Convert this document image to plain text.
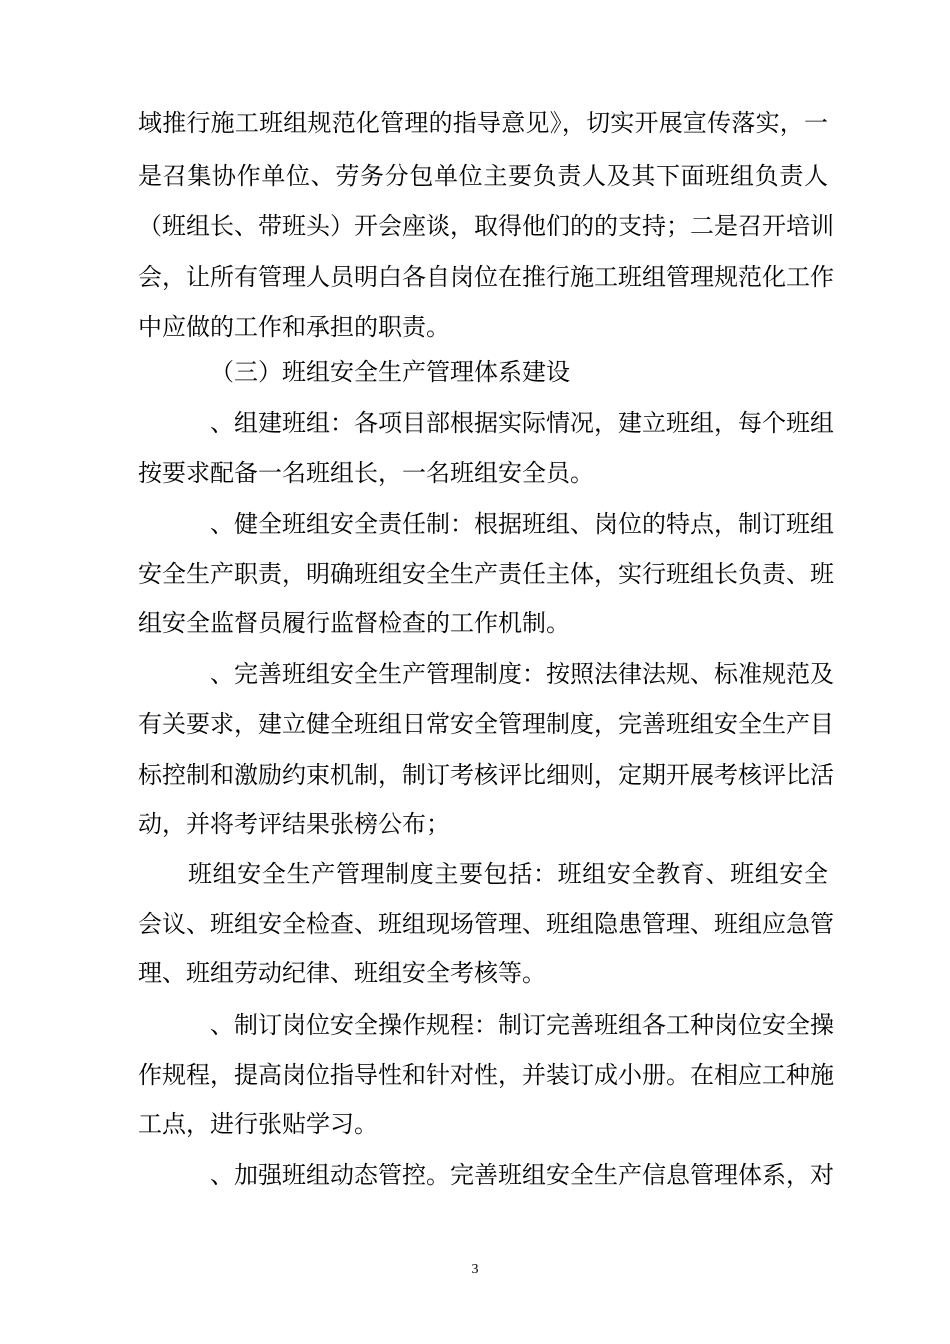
域推行施工班组规范化管理的指导意见》，切实开展宣传落实，一
是召集协作单位、劳务分包单位主要负责人及其下面班组负责人
（班组长、带班头）开会座谈，取得他们的的支持；二是召开培训
会，让所有管理人员明白各自岗位在推行施工班组管理规范化工作
中应做的工作和承担的职责。
（三）班组安全生产管理体系建设
、组建班组：各项目部根据实际情况，建立班组，每个班组
按要求配备一名班组长，一名班组安全员。
、健全班组安全责任制：根据班组、岗位的特点，制订班组
安全生产职责，明确班组安全生产责任主体，实行班组长负责、班
组安全监督员履行监督检查的工作机制。
、完善班组安全生产管理制度：按照法律法规、标准规范及
有关要求，建立健全班组日常安全管理制度，完善班组安全生产目
标控制和激励约束机制，制订考核评比细则，定期开展考核评比活
动，并将考评结果张榜公布；
班组安全生产管理制度主要包括：班组安全教育、班组安全
会议、班组安全检查、班组现场管理、班组隐患管理、班组应急管
理、班组劳动纪律、班组安全考核等。
、制订岗位安全操作规程：制订完善班组各工种岗位安全操
作规程，提高岗位指导性和针对性，并装订成小册。在相应工种施
工点，进行张贴学习。
、加强班组动态管控。完善班组安全生产信息管理体系，对
3
